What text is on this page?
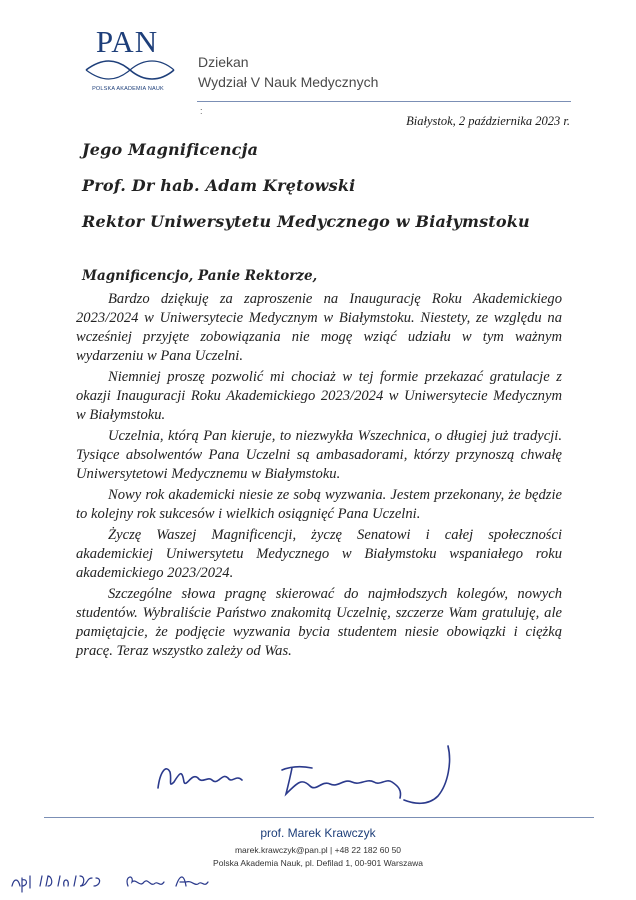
PAN
POLSKA AKADEMIA NAUK
Dziekan
Wydział V Nauk Medycznych
:
Białystok, 2 października 2023 r.
Jego Magnificencja
Prof. Dr hab. Adam Krętowski
Rektor Uniwersytetu Medycznego w Białymstoku
Magnificencjo, Panie Rektorze,

Bardzo dziękuję za zaproszenie na Inaugurację Roku Akademickiego 2023/2024 w Uniwersytecie Medycznym w Białymstoku. Niestety, ze względu na wcześniej przyjęte zobowiązania nie mogę wziąć udziału w tym ważnym wydarzeniu w Pana Uczelni.

Niemniej proszę pozwolić mi chociaż w tej formie przekazać gratulacje z okazji Inauguracji Roku Akademickiego 2023/2024 w Uniwersytecie Medycznym w Białymstoku.

Uczelnia, którą Pan kieruje, to niezwykła Wszechnica, o długiej już tradycji. Tysiące absolwentów Pana Uczelni są ambasadorami, którzy przynoszą chwałę Uniwersytetowi Medycznemu w Białymstoku.

Nowy rok akademicki niesie ze sobą wyzwania. Jestem przekonany, że będzie to kolejny rok sukcesów i wielkich osiągnięć Pana Uczelni.

Życzę Waszej Magnificencji, życzę Senatowi i całej społeczności akademickiej Uniwersytetu Medycznego w Białymstoku wspaniałego roku akademickiego 2023/2024.

Szczególne słowa pragnę skierować do najmłodszych kolegów, nowych studentów. Wybraliście Państwo znakomitą Uczelnię, szczerze Wam gratuluję, ale pamiętajcie, że podjęcie wyzwania bycia studentem niesie obowiązki i ciężką pracę. Teraz wszystko zależy od Was.

prof. Marek Krawczyk
marek.krawczyk@pan.pl | +48 22 182 60 50
Polska Akademia Nauk, pl. Defilad 1, 00-901 Warszawa
